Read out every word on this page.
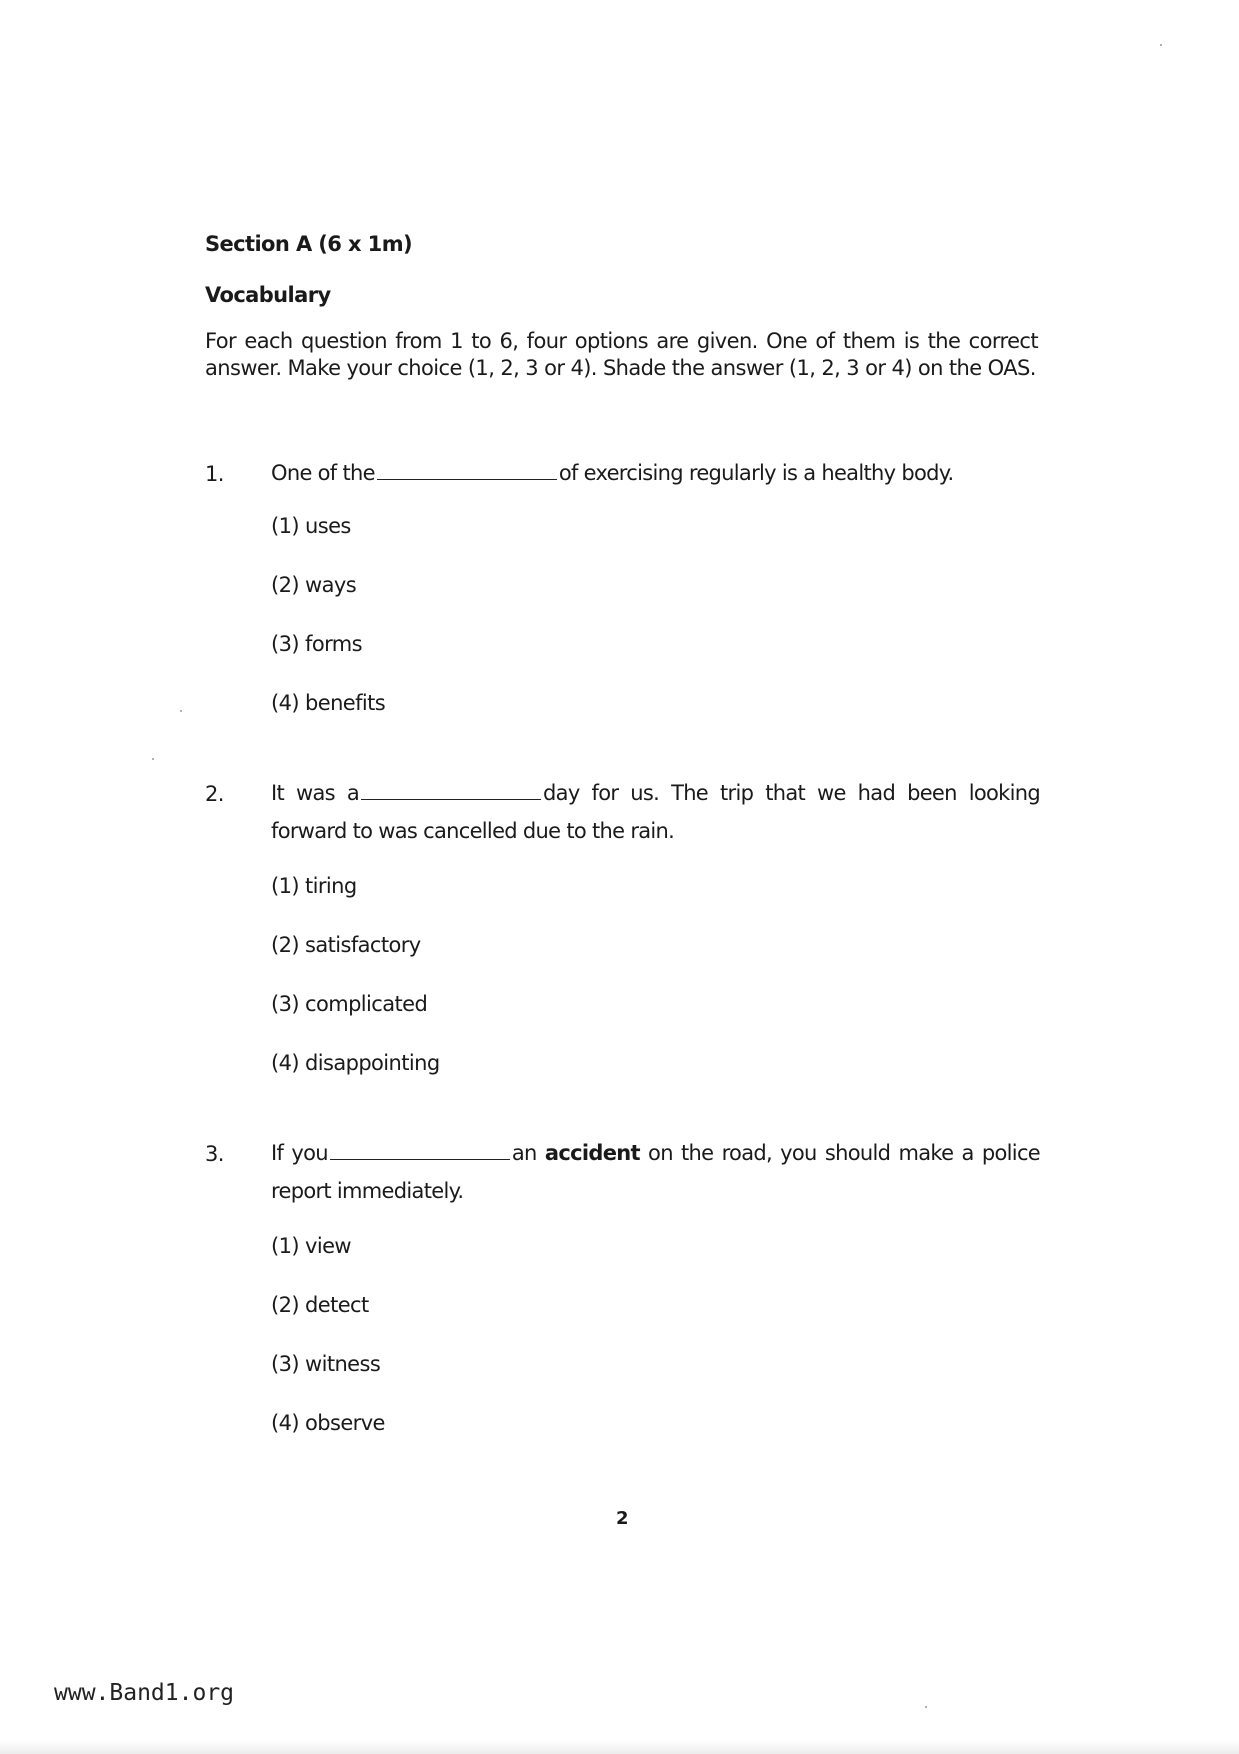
Section A (6 x 1m)
Vocabulary
For each question from 1 to 6, four options are given. One of them is the correct answer. Make your choice (1, 2, 3 or 4). Shade the answer (1, 2, 3 or 4) on the OAS.
1. One of the	of exercising regularly is a healthy body.
(1) uses
(2) ways
(3) forms
(4) benefits
2. It was a	day for us. The trip that we had been looking forward to was cancelled due to the rain.
(1) tiring
(2) satisfactory
(3) complicated
(4) disappointing
3. If you	an accident on the road, you should make a police report immediately.
(1) view
(2) detect
(3) witness
(4) observe
2
www.Band1.org
